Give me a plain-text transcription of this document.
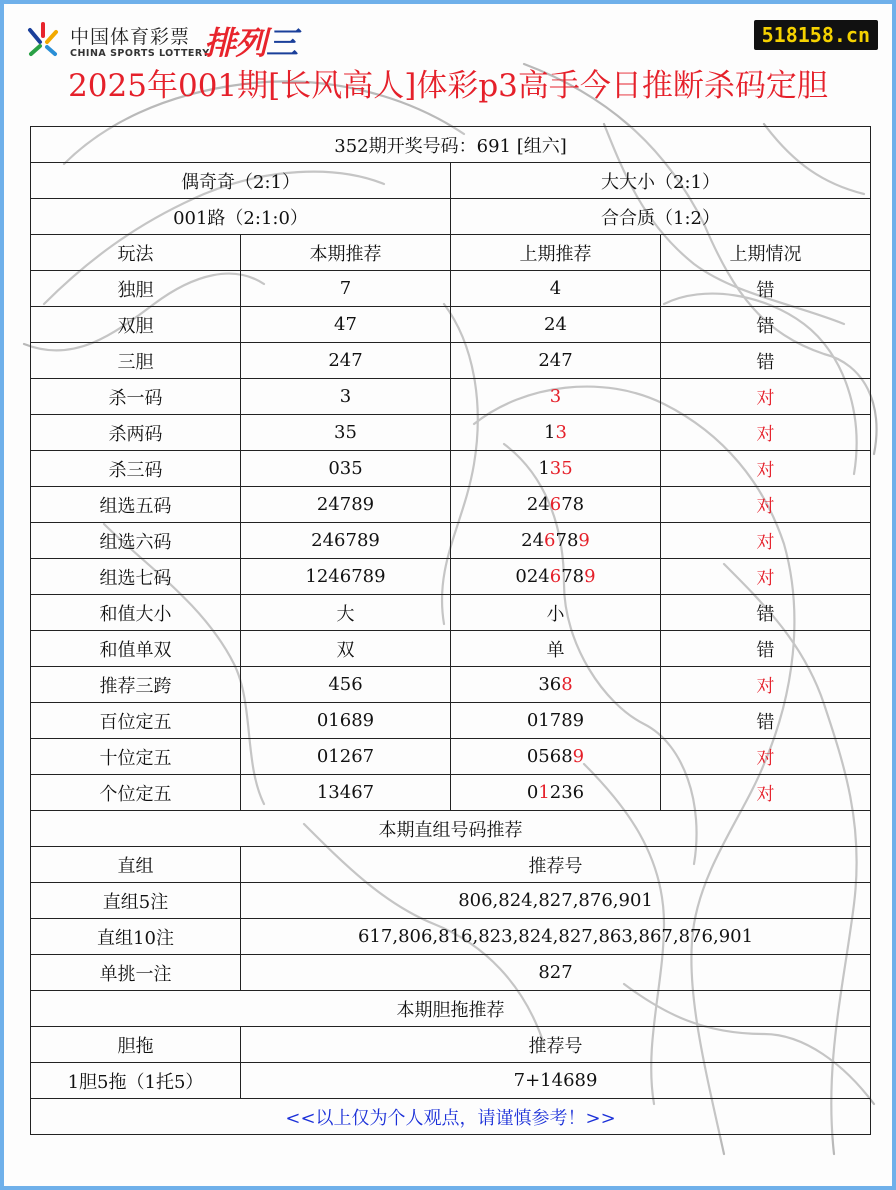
中国体育彩票
CHINA SPORTS LOTTERY
排列三	518158.cn
2025年001期[长风高人]体彩p3高手今日推断杀码定胆
352期开奖号码：691 [组六]			
偶奇奇（2:1）		大大小（2:1）	
001路（2:1:0）		合合质（1:2）	
玩法	本期推荐	上期推荐	上期情况
独胆	7	4	错
双胆	47	24	错
三胆	247	247	错
杀一码	3	3	对
杀两码	35	13	对
杀三码	035	135	对
组选五码	24789	24678	对
组选六码	246789	246789	对
组选七码	1246789	0246789	对
和值大小	大	小	错
和值单双	双	单	错
推荐三跨	456	368	对
百位定五	01689	01789	错
十位定五	01267	05689	对
个位定五	13467	01236	对
本期直组号码推荐			
直组	推荐号		
直组5注	806,824,827,876,901		
直组10注	617,806,816,823,824,827,863,867,876,901		
单挑一注	827		
本期胆拖推荐			
胆拖	推荐号		
1胆5拖（1托5）	7+14689		
<<以上仅为个人观点，请谨慎参考！>>			
